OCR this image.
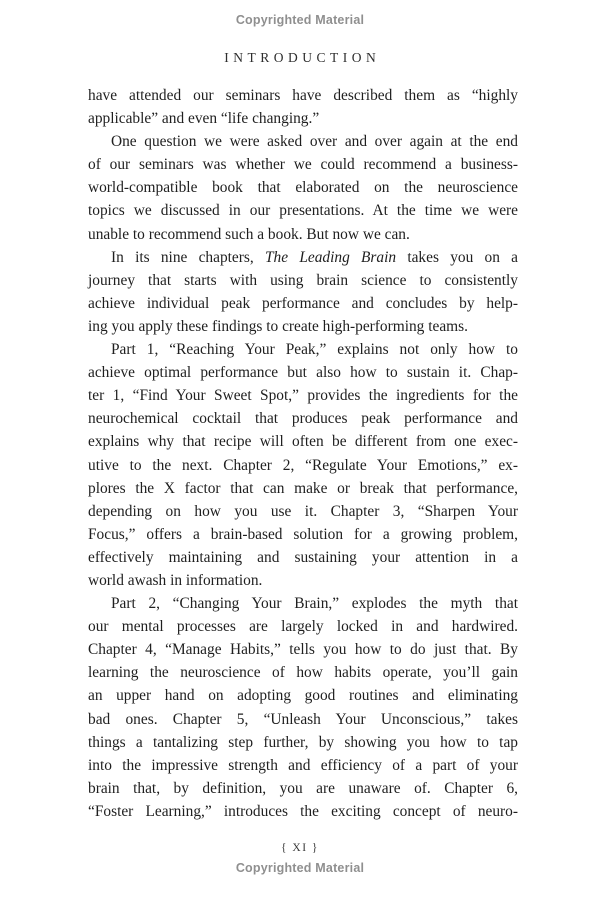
Copyrighted Material
INTRODUCTION
have attended our seminars have described them as “highly
applicable” and even “life changing.”
One question we were asked over and over again at the end
of our seminars was whether we could recommend a business-
world-compatible book that elaborated on the neuroscience
topics we discussed in our presentations. At the time we were
unable to recommend such a book. But now we can.
In its nine chapters, The Leading Brain takes you on a
journey that starts with using brain science to consistently
achieve individual peak performance and concludes by help-
ing you apply these findings to create high-performing teams.
Part 1, “Reaching Your Peak,” explains not only how to
achieve optimal performance but also how to sustain it. Chap-
ter 1, “Find Your Sweet Spot,” provides the ingredients for the
neurochemical cocktail that produces peak performance and
explains why that recipe will often be different from one exec-
utive to the next. Chapter 2, “Regulate Your Emotions,” ex-
plores the X factor that can make or break that performance,
depending on how you use it. Chapter 3, “Sharpen Your
Focus,” offers a brain-based solution for a growing problem,
effectively maintaining and sustaining your attention in a
world awash in information.
Part 2, “Changing Your Brain,” explodes the myth that
our mental processes are largely locked in and hardwired.
Chapter 4, “Manage Habits,” tells you how to do just that. By
learning the neuroscience of how habits operate, you’ll gain
an upper hand on adopting good routines and eliminating
bad ones. Chapter 5, “Unleash Your Unconscious,” takes
things a tantalizing step further, by showing you how to tap
into the impressive strength and efficiency of a part of your
brain that, by definition, you are unaware of. Chapter 6,
“Foster Learning,” introduces the exciting concept of neuro-
{ XI }
Copyrighted Material
